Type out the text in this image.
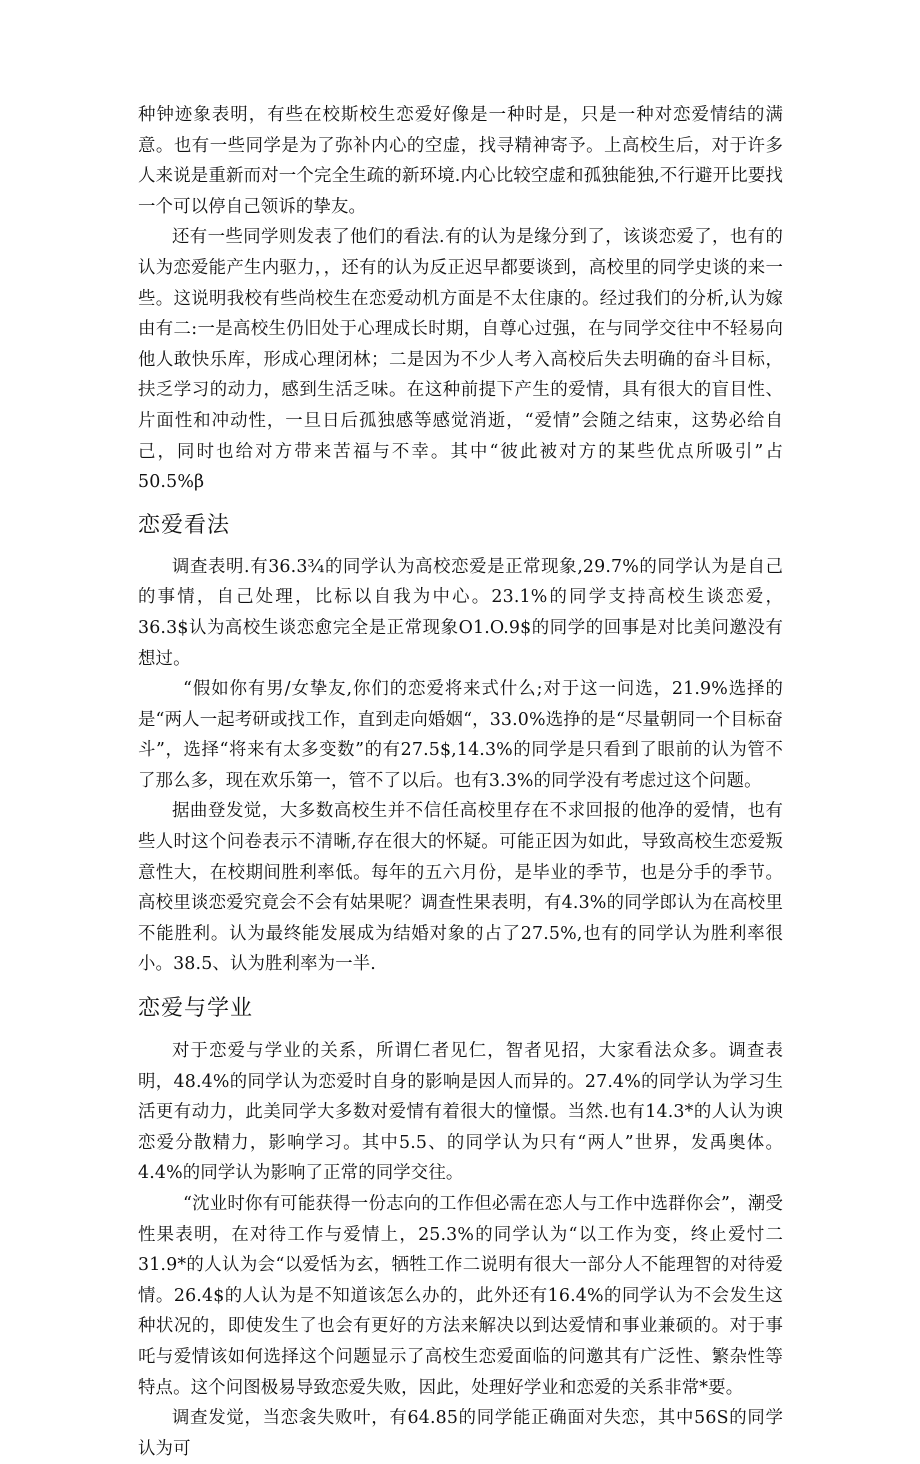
种钟迹象表明，有些在校斯校生恋爱好像是一种时是，只是一种对恋爱情结的满意。也有一些同学是为了弥补内心的空虚，找寻精神寄予。上高校生后，对于许多人来说是重新而对一个完全生疏的新环境.内心比较空虚和孤独能独,不行避开比要找一个可以停自己领诉的挚友。

还有一些同学则发表了他们的看法.有的认为是缘分到了，该谈恋爱了，也有的认为恋爱能产生内驱力，，还有的认为反正迟早都要谈到，高校里的同学史谈的来一些。这说明我校有些尚校生在恋爱动机方面是不太住康的。经过我们的分析,认为嫁由有二:一是高校生仍旧处于心理成长时期，自尊心过强，在与同学交往中不轻易向他人敢快乐库，形成心理闭林；二是因为不少人考入高校后失去明确的奋斗目标，扶乏学习的动力，感到生活乏味。在这种前提下产生的爱情，具有很大的盲目性、片面性和冲动性，一旦日后孤独感等感觉消逝，“爱情”会随之结束，这势必给自己，同时也给对方带来苦福与不幸。其中“彼此被对方的某些优点所吸引”占50.5%β

恋爱看法

调查表明.有36.3¾的同学认为高校恋爱是正常现象,29.7%的同学认为是自己的事情，自己处理，比标以自我为中心。23.1%的同学支持高校生谈恋爱，36.3$认为高校生谈恋愈完全是正常现象O1.O.9$的同学的回事是对比美问邀没有想过。

“假如你有男/女挚友,你们的恋爱将来式什么;对于这一问选，21.9%选择的是“两人一起考研或找工作，直到走向婚姻“，33.0%选挣的是“尽量朝同一个目标奋斗”，选择“将来有太多变数”的有27.5$,14.3%的同学是只看到了眼前的认为管不了那么多，现在欢乐第一，管不了以后。也有3.3%的同学没有考虑过这个问题。

据曲登发觉，大多数高校生并不信任高校里存在不求回报的他净的爱情，也有些人时这个问卷表示不清晰,存在很大的怀疑。可能正因为如此，导致高校生恋爱叛意性大，在校期间胜利率低。每年的五六月份，是毕业的季节，也是分手的季节。高校里谈恋爱究竟会不会有姑果呢？调查性果表明，有4.3%的同学郎认为在高校里不能胜利。认为最终能发展成为结婚对象的占了27.5%,也有的同学认为胜利率很小。38.5、认为胜利率为一半.

恋爱与学业

对于恋爱与学业的关系，所谓仁者见仁，智者见招，大家看法众多。调查表明，48.4%的同学认为恋爱时自身的影响是因人而异的。27.4%的同学认为学习生活更有动力，此美同学大多数对爱情有着很大的憧憬。当然.也有14.3*的人认为谀恋爱分散精力，影响学习。其中5.5、的同学认为只有“两人”世界，发禹奥体。4.4%的同学认为影响了正常的同学交往。

“沈业时你有可能获得一份志向的工作但必需在恋人与工作中选群你会”，潮受性果表明，在对待工作与爱情上，25.3%的同学认为“以工作为变，终止爱忖二31.9*的人认为会“以爱恬为玄，牺牲工作二说明有很大一部分人不能理智的对待爱情。26.4$的人认为是不知道该怎么办的，此外还有16.4%的同学认为不会发生这种状况的，即使发生了也会有更好的方法来解决以到达爱情和事业兼硕的。对于事吒与爱情该如何选择这个问题显示了高校生恋爱面临的问邀其有广泛性、繁杂性等特点。这个问图极易导致恋爱失败，因此，处理好学业和恋爱的关系非常*要。

调查发觉，当恋衾失败叶，有64.85的同学能正确面对失恋，其中56S的同学认为可
